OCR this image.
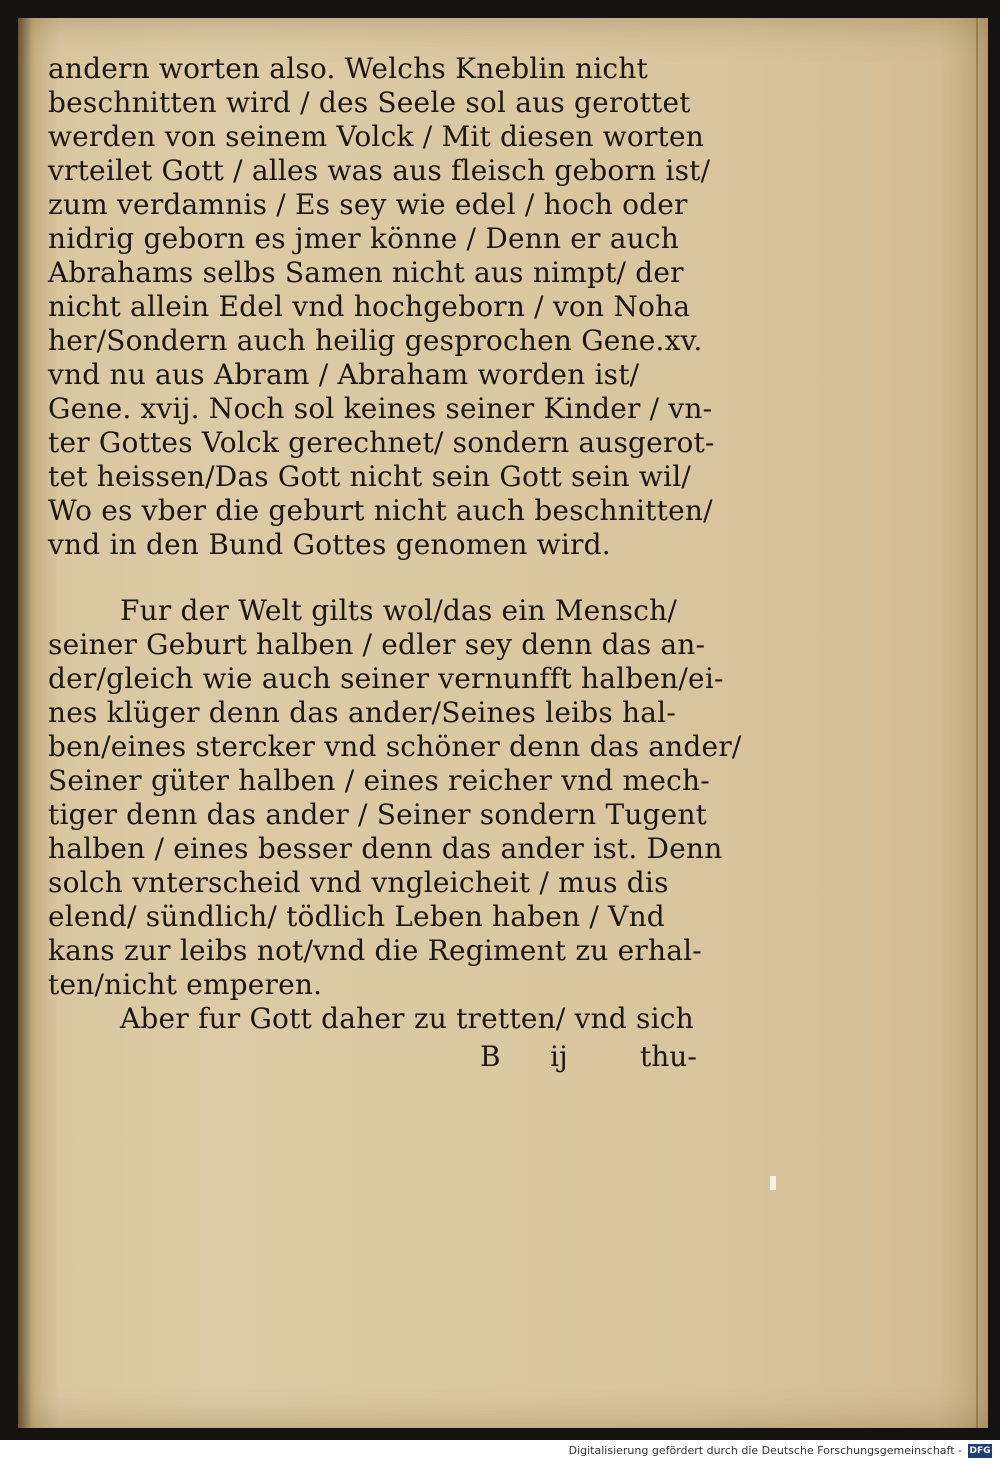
andern worten also. Welchs Kneblin nicht
beschnitten wird / des Seele sol aus gerottet
werden von seinem Volck / Mit diesen worten
vrteilet Gott / alles was aus fleisch geborn ist/
zum verdamnis / Es sey wie edel / hoch oder
nidrig geborn es jmer könne / Denn er auch
Abrahams selbs Samen nicht aus nimpt/ der
nicht allein Edel vnd hochgeborn / von Noha
her/Sondern auch heilig gesprochen Gene.xv.
vnd nu aus Abram / Abraham worden ist/
Gene. xvij. Noch sol keines seiner Kinder / vn-
ter Gottes Volck gerechnet/ sondern ausgerot-
tet heissen/Das Gott nicht sein Gott sein wil/
Wo es vber die geburt nicht auch beschnitten/
vnd in den Bund Gottes genomen wird.
Fur der Welt gilts wol/das ein Mensch/
seiner Geburt halben / edler sey denn das an-
der/gleich wie auch seiner vernunfft halben/ei-
nes klüger denn das ander/Seines leibs hal-
ben/eines stercker vnd schöner denn das ander/
Seiner güter halben / eines reicher vnd mech-
tiger denn das ander / Seiner sondern Tugent
halben / eines besser denn das ander ist. Denn
solch vnterscheid vnd vngleicheit / mus dis
elend/ sündlich/ tödlich Leben haben / Vnd
kans zur leibs not/vnd die Regiment zu erhal-
ten/nicht emperen.
Aber fur Gott daher zu tretten/ vnd sich
B ij	thu-
Digitalisierung gefördert durch die Deutsche Forschungsgemeinschaft - DFG
